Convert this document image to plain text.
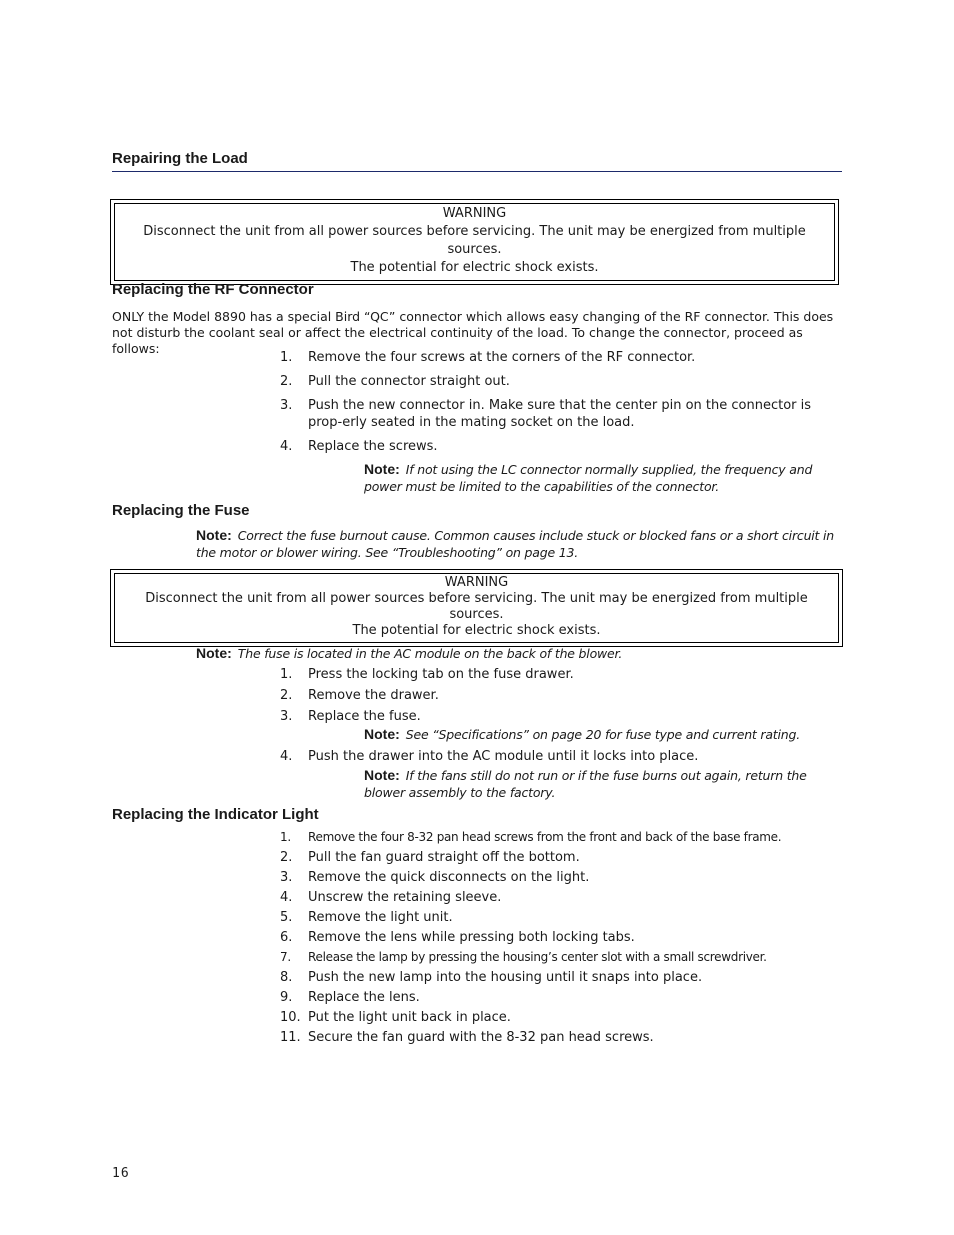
Repairing the Load
WARNING
Disconnect the unit from all power sources before servicing. The unit may be energized from multiple sources.
The potential for electric shock exists.
Replacing the RF Connector
ONLY the Model 8890 has a special Bird “QC” connector which allows easy changing of the RF connector. This does not disturb the coolant seal or affect the electrical continuity of the load. To change the connector, proceed as follows:
1.	Remove the four screws at the corners of the RF connector.
2.	Pull the connector straight out.
3.	Push the new connector in. Make sure that the center pin on the connector is prop-erly seated in the mating socket on the load.
4.	Replace the screws.
Note: If not using the LC connector normally supplied, the frequency and power must be limited to the capabilities of the connector.
Replacing the Fuse
Note: Correct the fuse burnout cause. Common causes include stuck or blocked fans or a short circuit in the motor or blower wiring. See “Troubleshooting” on page 13.
WARNING
Disconnect the unit from all power sources before servicing. The unit may be energized from multiple sources.
The potential for electric shock exists.
Note: The fuse is located in the AC module on the back of the blower.
1.	Press the locking tab on the fuse drawer.
2.	Remove the drawer.
3.	Replace the fuse.
Note: See “Specifications” on page 20 for fuse type and current rating.
4.	Push the drawer into the AC module until it locks into place.
Note: If the fans still do not run or if the fuse burns out again, return the blower assembly to the factory.
Replacing the Indicator Light
1.	Remove the four 8-32 pan head screws from the front and back of the base frame.
2.	Pull the fan guard straight off the bottom.
3.	Remove the quick disconnects on the light.
4.	Unscrew the retaining sleeve.
5.	Remove the light unit.
6.	Remove the lens while pressing both locking tabs.
7.	Release the lamp by pressing the housing’s center slot with a small screwdriver.
8.	Push the new lamp into the housing until it snaps into place.
9.	Replace the lens.
10. Put the light unit back in place.
11. Secure the fan guard with the 8-32 pan head screws.
16
